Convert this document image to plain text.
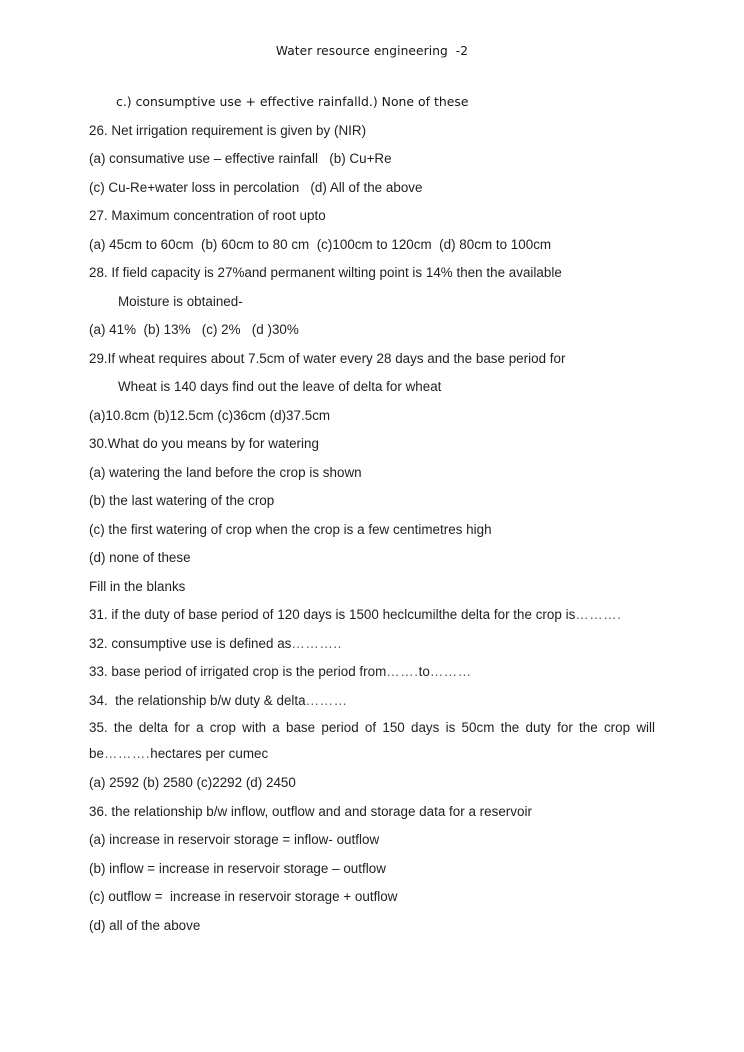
Water resource engineering  -2
c.) consumptive use + effective rainfalld.) None of these
26. Net irrigation requirement is given by (NIR)
(a) consumative use – effective rainfall   (b) Cu+Re
(c) Cu-Re+water loss in percolation   (d) All of the above
27. Maximum concentration of root upto
(a) 45cm to 60cm  (b) 60cm to 80 cm  (c)100cm to 120cm  (d) 80cm to 100cm
28. If field capacity is 27%and permanent wilting point is 14% then the available
Moisture is obtained-
(a) 41%  (b) 13%   (c) 2%   (d )30%
29.If wheat requires about 7.5cm of water every 28 days and the base period for
Wheat is 140 days find out the leave of delta for wheat
(a)10.8cm (b)12.5cm (c)36cm (d)37.5cm
30.What do you means by for watering
(a) watering the land before the crop is shown
(b) the last watering of the crop
(c) the first watering of crop when the crop is a few centimetres high
(d) none of these
Fill in the blanks
31. if the duty of base period of 120 days is 1500 heclcumilthe delta for the crop is……….
32. consumptive use is defined as………..
33. base period of irrigated crop is the period from…….to………
34.  the relationship b/w duty & delta………
35. the delta for a crop with a base period of 150 days is 50cm the duty for the crop will be……….hectares per cumec
(a) 2592 (b) 2580 (c)2292 (d) 2450
36. the relationship b/w inflow, outflow and and storage data for a reservoir
(a) increase in reservoir storage = inflow- outflow
(b) inflow = increase in reservoir storage – outflow
(c) outflow =  increase in reservoir storage + outflow
(d) all of the above
